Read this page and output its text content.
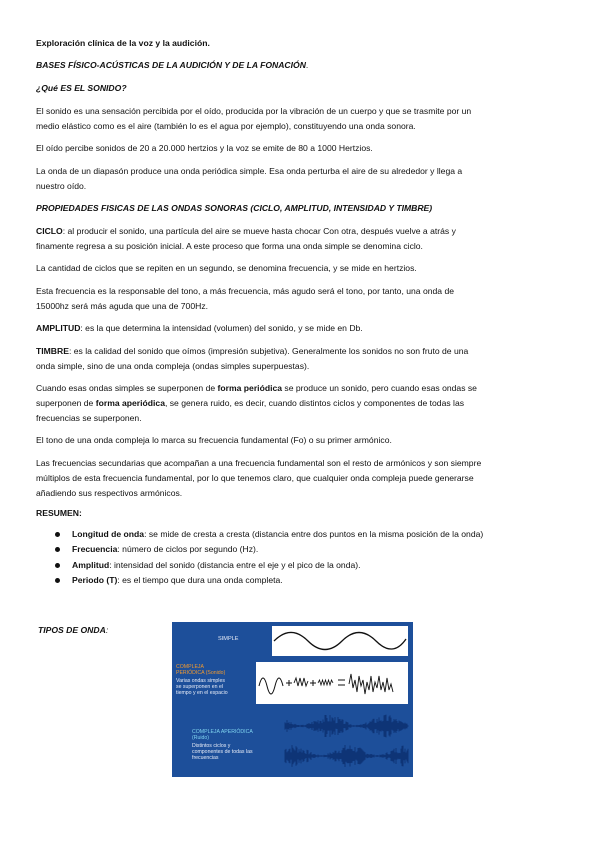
Exploración clínica de la voz y la audición.
BASES FÍSICO-ACÚSTICAS DE LA AUDICIÓN Y DE LA FONACIÓN.
¿Qué ES EL SONIDO?
El sonido es una sensación percibida por el oído, producida por la vibración de un cuerpo y que se trasmite por un
medio elástico como es el aire (también lo es el agua por ejemplo), constituyendo una onda sonora.
El oído percibe sonidos de 20 a 20.000 hertzios y la voz se emite de 80 a 1000 Hertzios.
La onda de un diapasón produce una onda periódica simple. Esa onda perturba el aire de su alrededor y llega a
nuestro oído.
PROPIEDADES FISICAS DE LAS ONDAS SONORAS (CICLO, AMPLITUD, INTENSIDAD Y TIMBRE)
CICLO: al producir el sonido, una partícula del aire se mueve hasta chocar Con otra, después vuelve a atrás y
finamente regresa a su posición inicial. A este proceso que forma una onda simple se denomina ciclo.
La cantidad de ciclos que se repiten en un segundo, se denomina frecuencia, y se mide en hertzios.
Esta frecuencia es la responsable del tono, a más frecuencia, más agudo será el tono, por tanto, una onda de
15000hz será más aguda que una de 700Hz.
AMPLITUD: es la que determina la intensidad (volumen) del sonido, y se mide en Db.
TIMBRE: es la calidad del sonido que oímos (impresión subjetiva). Generalmente los sonidos no son fruto de una
onda simple, sino de una onda compleja (ondas simples superpuestas).
Cuando esas ondas simples se superponen de forma periódica se produce un sonido, pero cuando esas ondas se
superponen de forma aperiódica, se genera ruido, es decir, cuando distintos ciclos y componentes de todas las
frecuencias se superponen.
El tono de una onda compleja lo marca su frecuencia fundamental (Fo) o su primer armónico.
Las frecuencias secundarias que acompañan a una frecuencia fundamental son el resto de armónicos y son siempre
múltiplos de esta frecuencia fundamental, por lo que tenemos claro, que cualquier onda compleja puede generarse
añadiendo sus respectivos armónicos.
RESUMEN:
Longitud de onda: se mide de cresta a cresta (distancia entre dos puntos en la misma posición de la onda)
Frecuencia: número de ciclos por segundo (Hz).
Amplitud: intensidad del sonido (distancia entre el eje y el pico de la onda).
Periodo (T): es el tiempo que dura una onda completa.
TIPOS DE ONDA:
SIMPLE
COMPLEJA
PERIÓDICA (Sonido)
Varias ondas simples
se superponen en el
tiempo y en el espacio
COMPLEJA APERIÓDICA
(Ruido)
Distintos ciclos y
componentes de todas las
frecuencias
